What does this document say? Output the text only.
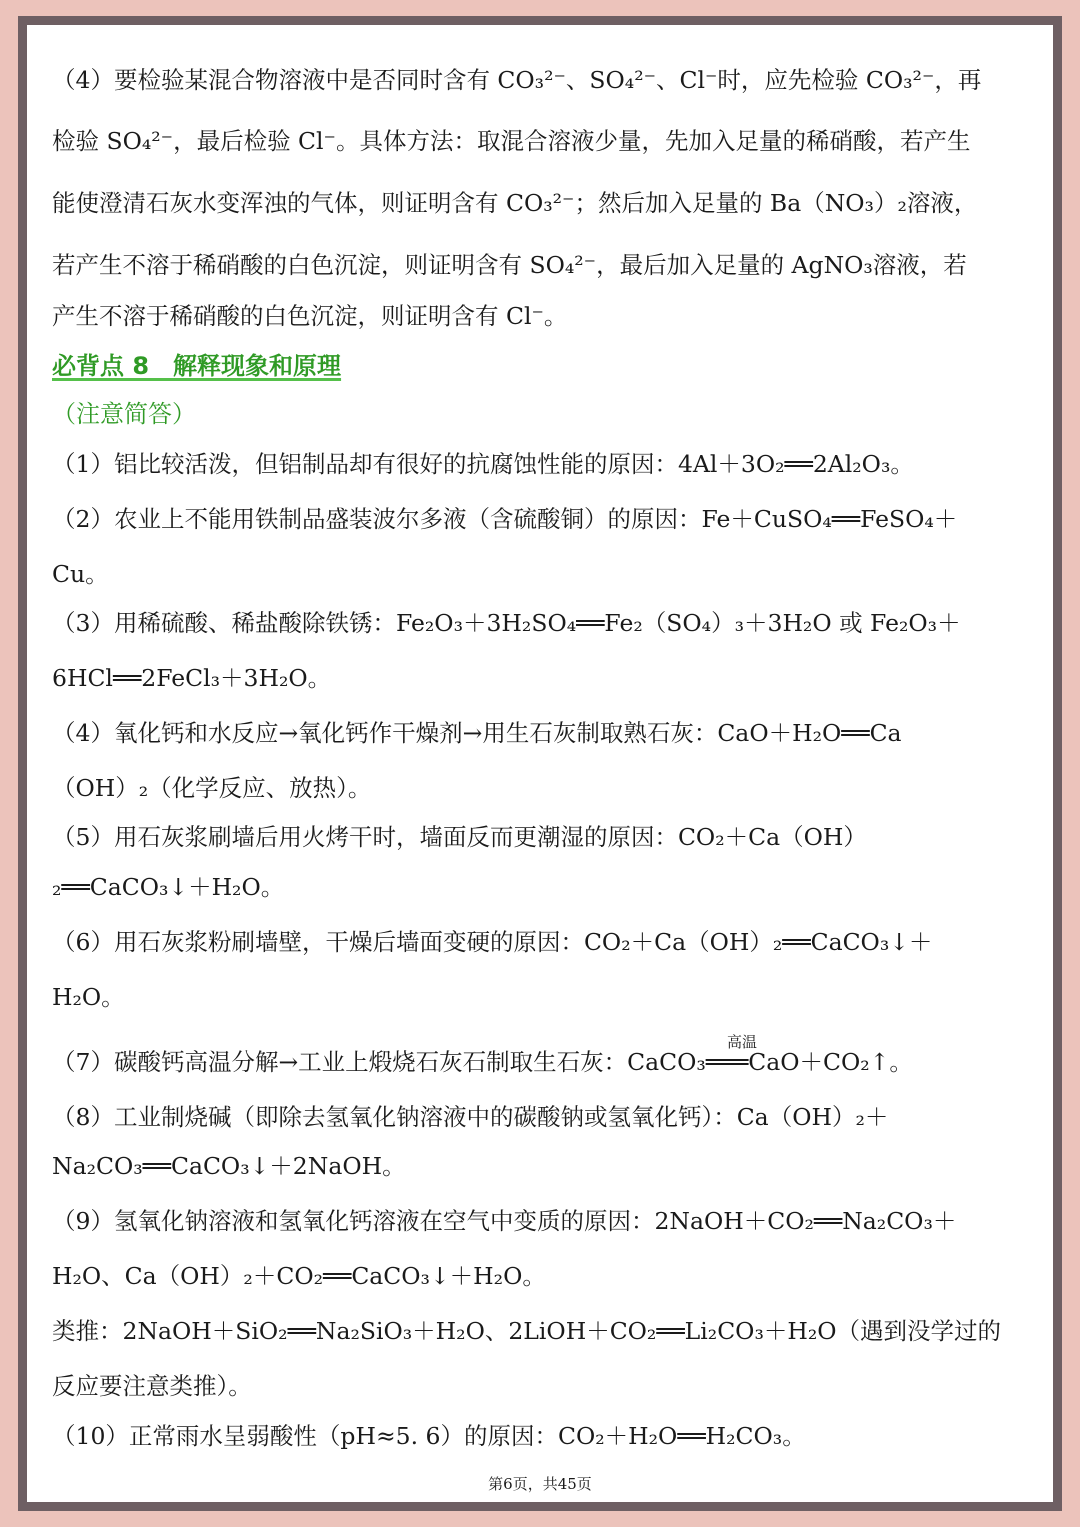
（4）要检验某混合物溶液中是否同时含有 CO₃²⁻、SO₄²⁻、Cl⁻时，应先检验 CO₃²⁻，再

检验 SO₄²⁻，最后检验 Cl⁻。具体方法：取混合溶液少量，先加入足量的稀硝酸，若产生

能使澄清石灰水变浑浊的气体，则证明含有 CO₃²⁻；然后加入足量的 Ba（NO₃）₂溶液，

若产生不溶于稀硝酸的白色沉淀，则证明含有 SO₄²⁻，最后加入足量的 AgNO₃溶液，若

产生不溶于稀硝酸的白色沉淀，则证明含有 Cl⁻。

必背点 8　解释现象和原理

（注意简答）

（1）铝比较活泼，但铝制品却有很好的抗腐蚀性能的原因：4Al＋3O₂══2Al₂O₃。

（2）农业上不能用铁制品盛装波尔多液（含硫酸铜）的原因：Fe＋CuSO₄══FeSO₄＋

Cu。

（3）用稀硫酸、稀盐酸除铁锈：Fe₂O₃＋3H₂SO₄══Fe₂（SO₄）₃＋3H₂O 或 Fe₂O₃＋

6HCl══2FeCl₃＋3H₂O。

（4）氧化钙和水反应→氧化钙作干燥剂→用生石灰制取熟石灰：CaO＋H₂O══Ca

（OH）₂（化学反应、放热）。

（5）用石灰浆刷墙后用火烤干时，墙面反而更潮湿的原因：CO₂＋Ca（OH）

₂══CaCO₃↓＋H₂O。

（6）用石灰浆粉刷墙壁，干燥后墙面变硬的原因：CO₂＋Ca（OH）₂══CaCO₃↓＋

H₂O。

高温

（7）碳酸钙高温分解→工业上煅烧石灰石制取生石灰：CaCO₃═══CaO＋CO₂↑。

（8）工业制烧碱（即除去氢氧化钠溶液中的碳酸钠或氢氧化钙）：Ca（OH）₂＋

Na₂CO₃══CaCO₃↓＋2NaOH。

（9）氢氧化钠溶液和氢氧化钙溶液在空气中变质的原因：2NaOH＋CO₂══Na₂CO₃＋

H₂O、Ca（OH）₂＋CO₂══CaCO₃↓＋H₂O。

类推：2NaOH＋SiO₂══Na₂SiO₃＋H₂O、2LiOH＋CO₂══Li₂CO₃＋H₂O（遇到没学过的

反应要注意类推）。

（10）正常雨水呈弱酸性（pH≈5. 6）的原因：CO₂＋H₂O══H₂CO₃。

第6页，共45页
